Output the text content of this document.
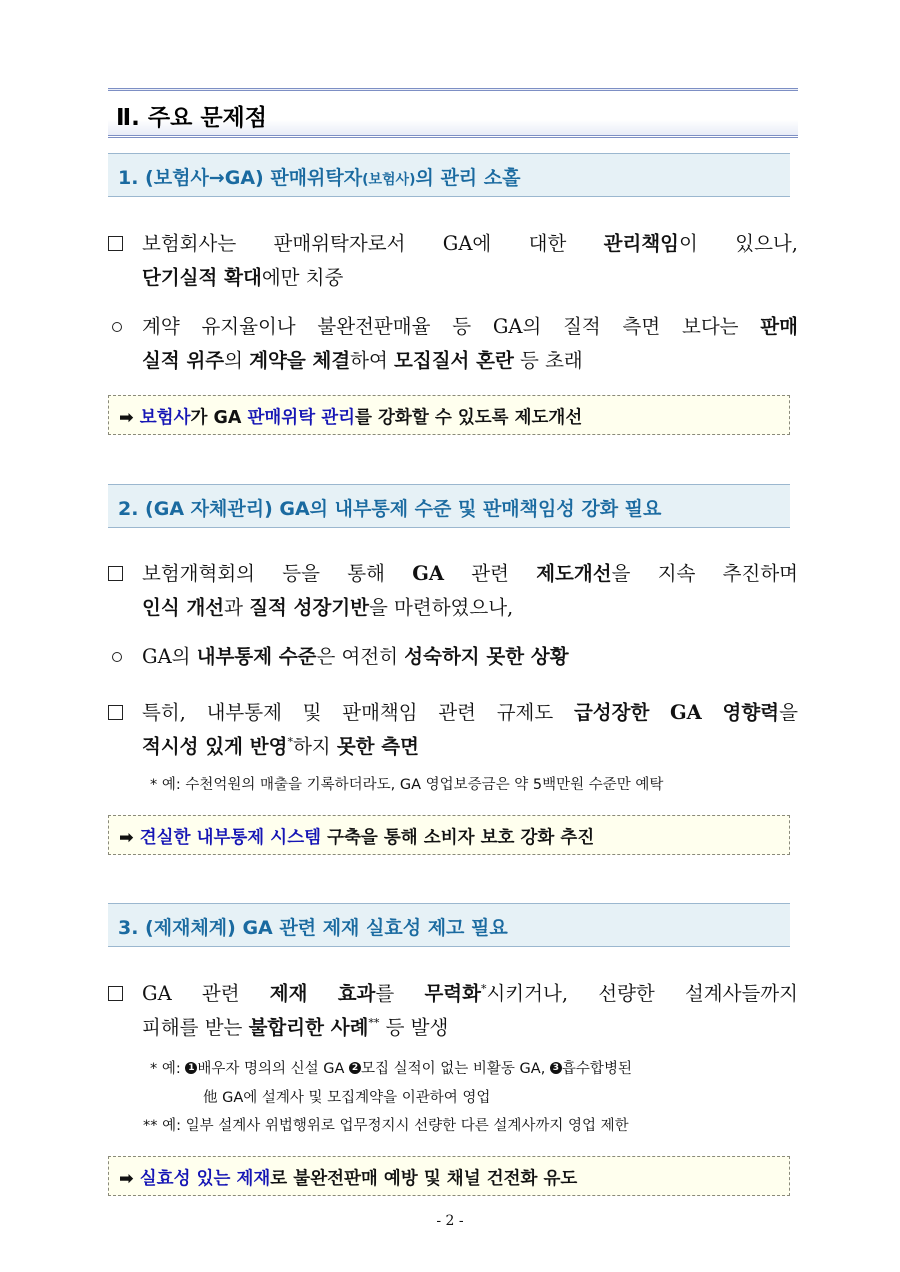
Ⅱ. 주요 문제점
1. (보험사→GA) 판매위탁자(보험사)의 관리 소홀
보험회사는 판매위탁자로서 GA에 대한 관리책임이 있으나,
단기실적 확대에만 치중
계약 유지율이나 불완전판매율 등 GA의 질적 측면 보다는 판매
실적 위주의 계약을 체결하여 모집질서 혼란 등 초래
➡ 보험사가 GA 판매위탁 관리를 강화할 수 있도록 제도개선
2. (GA 자체관리) GA의 내부통제 수준 및 판매책임성 강화 필요
보험개혁회의 등을 통해 GA 관련 제도개선을 지속 추진하며
인식 개선과 질적 성장기반을 마련하였으나,
GA의 내부통제 수준은 여전히 성숙하지 못한 상황
특히, 내부통제 및 판매책임 관련 규제도 급성장한 GA 영향력을
적시성 있게 반영*하지 못한 측면
* 예: 수천억원의 매출을 기록하더라도, GA 영업보증금은 약 5백만원 수준만 예탁
➡ 견실한 내부통제 시스템 구축을 통해 소비자 보호 강화 추진
3. (제재체계) GA 관련 제재 실효성 제고 필요
GA 관련 제재 효과를 무력화*시키거나, 선량한 설계사들까지
피해를 받는 불합리한 사례** 등 발생
* 예: 1 배우자 명의의 신설 GA 2 모집 실적이 없는 비활동 GA, 3 흡수합병된
他 GA에 설계사 및 모집계약을 이관하여 영업
** 예: 일부 설계사 위법행위로 업무정지시 선량한 다른 설계사까지 영업 제한
➡ 실효성 있는 제재로 불완전판매 예방 및 채널 건전화 유도
- 2 -
